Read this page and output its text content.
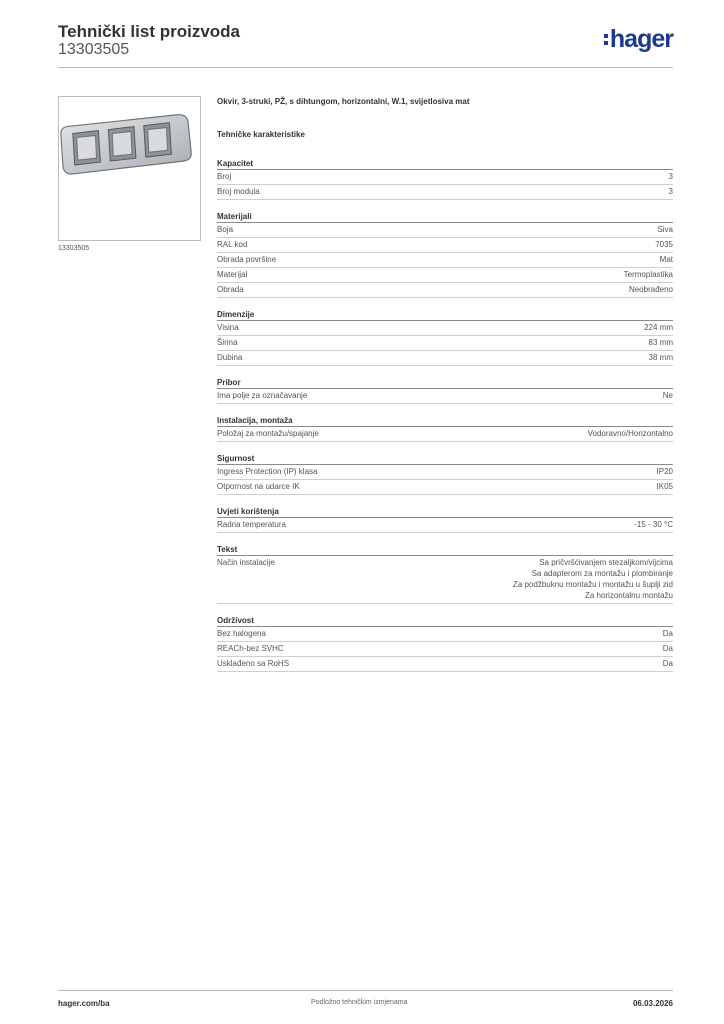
Tehnički list proizvoda
13303505	hager
13303505
Okvir, 3-struki, PŽ, s dihtungom, horizontalni, W.1, svijetlosiva mat
Tehničke karakteristike
Kapacitet
Broj	3
Broj modula	3
Materijali
Boja	Siva
RAL kod	7035
Obrada površine	Mat
Materijal	Termoplastika
Obrada	Neobrađeno
Dimenzije
Visina	224 mm
Širina	83 mm
Dubina	38 mm
Pribor
Ima polje za označavanje	Ne
Instalacija, montaža
Položaj za montažu/spajanje	Vodoravno/Horizontalno
Sigurnost
Ingress Protection (IP) klasa	IP20
Otpornost na udarce IK	IK05
Uvjeti korištenja
Radna temperatura	-15 - 30 °C
Tekst
Način instalacije	Sa pričvršćivanjem stezaljkom/vijcima
Sa adapterom za montažu i plombiranje
Za podžbuknu montažu i montažu u šuplji zid
Za horizontalnu montažu
Održivost
Bez halogena	Da
REACh-bez SVHC	Da
Usklađeno sa RoHS	Da
hager.com/ba	Podložno tehničkim izmjenama	06.03.2026
